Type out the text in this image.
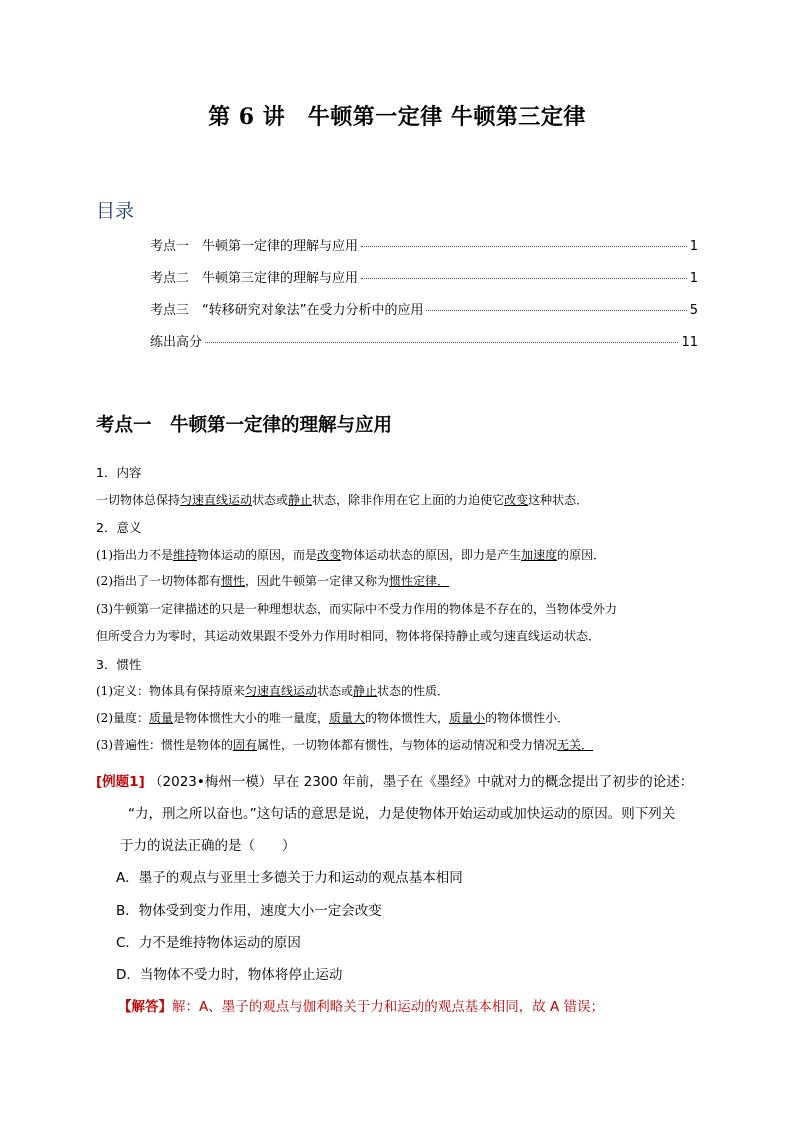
第 6 讲　牛顿第一定律 牛顿第三定律
目录
考点一　牛顿第一定律的理解与应用	1
考点二　牛顿第三定律的理解与应用	1
考点三　“转移研究对象法”在受力分析中的应用	5
练出高分	11
考点一　牛顿第一定律的理解与应用
1．内容
一切物体总保持匀速直线运动状态或静止状态，除非作用在它上面的力迫使它改变这种状态．
2．意义
(1)指出力不是维持物体运动的原因，而是改变物体运动状态的原因，即力是产生加速度的原因．
(2)指出了一切物体都有惯性，因此牛顿第一定律又称为惯性定律．
(3)牛顿第一定律描述的只是一种理想状态，而实际中不受力作用的物体是不存在的，当物体受外力
但所受合力为零时，其运动效果跟不受外力作用时相同，物体将保持静止或匀速直线运动状态．
3．惯性
(1)定义：物体具有保持原来匀速直线运动状态或静止状态的性质．
(2)量度：质量是物体惯性大小的唯一量度，质量大的物体惯性大，质量小的物体惯性小．
(3)普遍性：惯性是物体的固有属性，一切物体都有惯性，与物体的运动情况和受力情况无关．
[例题1] （2023•梅州一模）早在 2300 年前，墨子在《墨经》中就对力的概念提出了初步的论述：
“力，刑之所以奋也。”这句话的意思是说，力是使物体开始运动或加快运动的原因。则下列关
于力的说法正确的是（　　）
A．墨子的观点与亚里士多德关于力和运动的观点基本相同
B．物体受到变力作用，速度大小一定会改变
C．力不是维持物体运动的原因
D．当物体不受力时，物体将停止运动
【解答】解：A、墨子的观点与伽利略关于力和运动的观点基本相同，故 A 错误；
